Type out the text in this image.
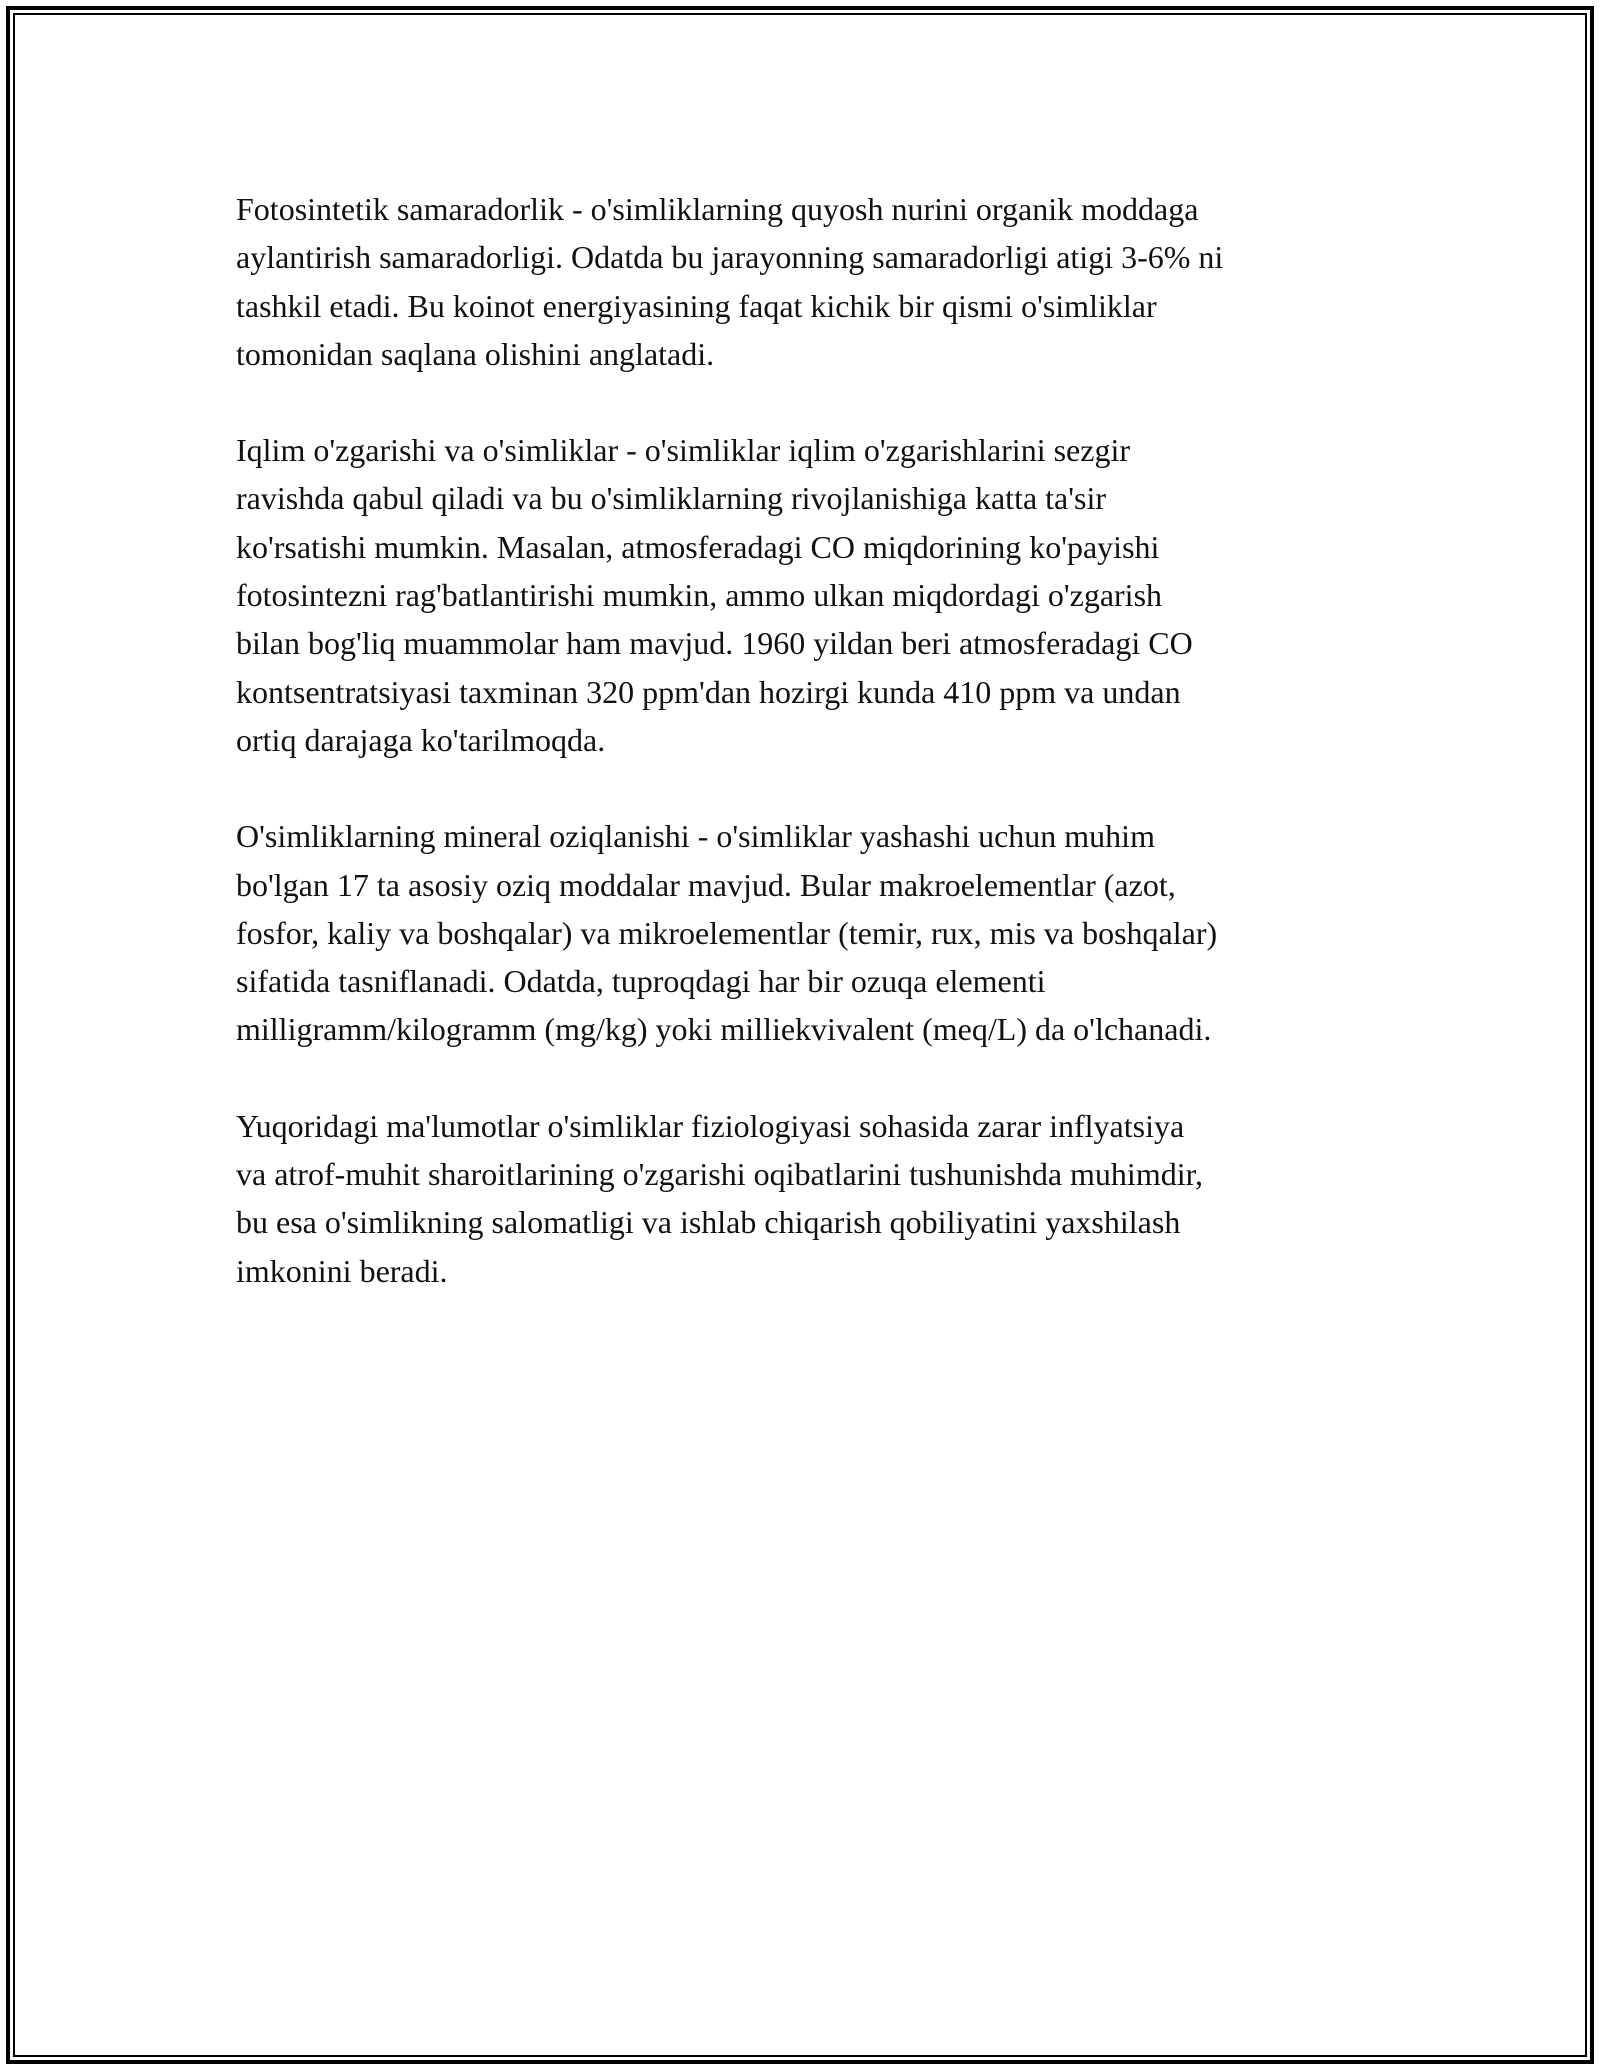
Fotosintetik samaradorlik - o'simliklarning quyosh nurini organik moddaga
aylantirish samaradorligi. Odatda bu jarayonning samaradorligi atigi 3-6% ni
tashkil etadi. Bu koinot energiyasining faqat kichik bir qismi o'simliklar
tomonidan saqlana olishini anglatadi.

Iqlim o'zgarishi va o'simliklar - o'simliklar iqlim o'zgarishlarini sezgir
ravishda qabul qiladi va bu o'simliklarning rivojlanishiga katta ta'sir
ko'rsatishi mumkin. Masalan, atmosferadagi CO miqdorining ko'payishi
fotosintezni rag'batlantirishi mumkin, ammo ulkan miqdordagi o'zgarish
bilan bog'liq muammolar ham mavjud. 1960 yildan beri atmosferadagi CO
kontsentratsiyasi taxminan 320 ppm'dan hozirgi kunda 410 ppm va undan
ortiq darajaga ko'tarilmoqda.

O'simliklarning mineral oziqlanishi - o'simliklar yashashi uchun muhim
bo'lgan 17 ta asosiy oziq moddalar mavjud. Bular makroelementlar (azot,
fosfor, kaliy va boshqalar) va mikroelementlar (temir, rux, mis va boshqalar)
sifatida tasniflanadi. Odatda, tuproqdagi har bir ozuqa elementi
milligramm/kilogramm (mg/kg) yoki milliekvivalent (meq/L) da o'lchanadi.

Yuqoridagi ma'lumotlar o'simliklar fiziologiyasi sohasida zarar inflyatsiya
va atrof-muhit sharoitlarining o'zgarishi oqibatlarini tushunishda muhimdir,
bu esa o'simlikning salomatligi va ishlab chiqarish qobiliyatini yaxshilash
imkonini beradi.
